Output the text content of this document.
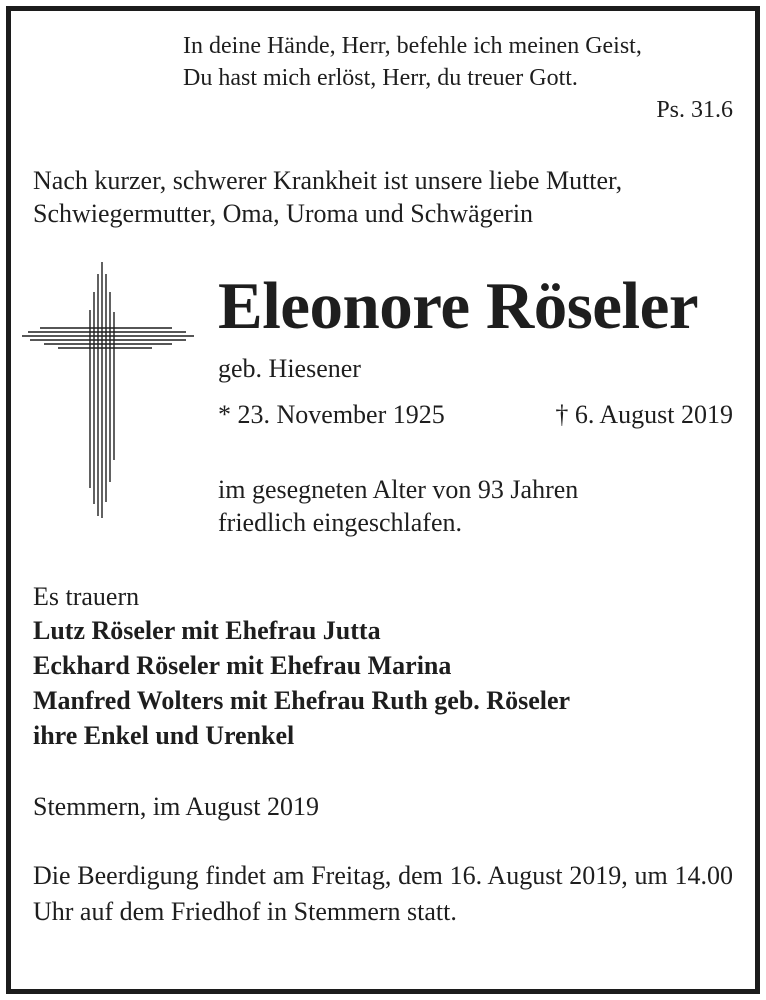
In deine Hände, Herr, befehle ich meinen Geist,

Du hast mich erlöst, Herr, du treuer Gott.

Ps. 31.6

Nach kurzer, schwerer Krankheit ist unsere liebe Mutter,

Schwiegermutter, Oma, Uroma und Schwägerin

Eleonore Röseler

geb. Hiesener

* 23. November 1925	† 6. August 2019

im gesegneten Alter von 93 Jahren

friedlich eingeschlafen.

Es trauern

Lutz Röseler mit Ehefrau Jutta

Eckhard Röseler mit Ehefrau Marina

Manfred Wolters mit Ehefrau Ruth geb. Röseler

ihre Enkel und Urenkel

Stemmern, im August 2019

Die Beerdigung findet am Freitag, dem 16. August 2019, um 14.00 Uhr auf dem Friedhof in Stemmern statt.
